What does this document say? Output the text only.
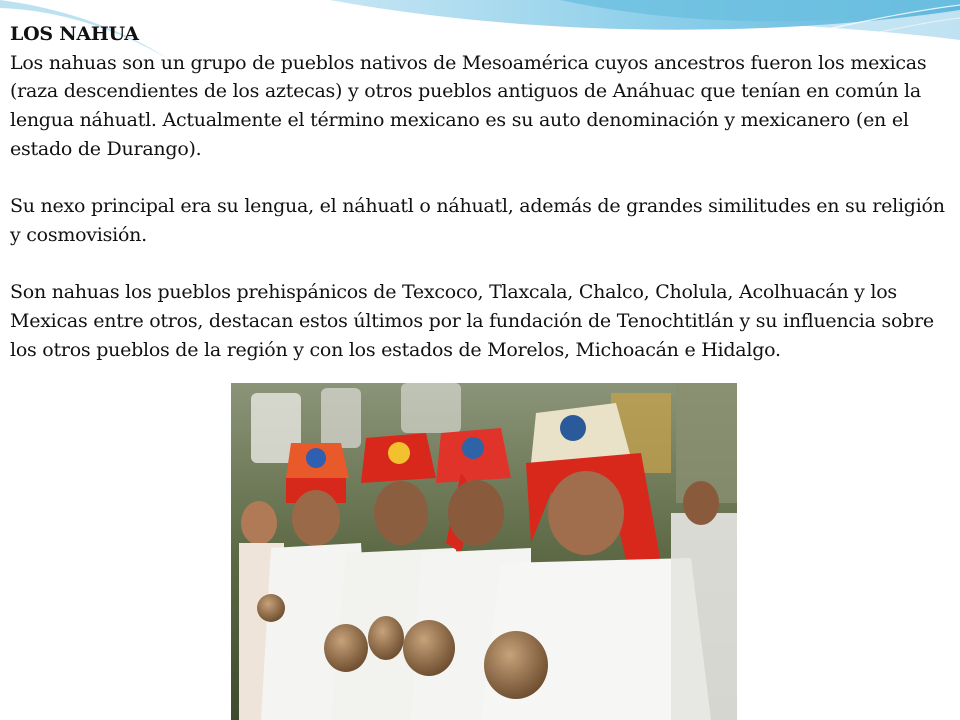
LOS NAHUA

Los nahuas son un grupo de pueblos nativos de Mesoamérica cuyos ancestros fueron los mexicas (raza descendientes de los aztecas) y otros pueblos antiguos de Anáhuac que tenían en común la lengua náhuatl. Actualmente el término mexicano es su auto denominación y mexicanero (en el estado de Durango).

Su nexo principal era su lengua, el náhuatl o náhuatl, además de grandes similitudes en su religión y cosmovisión.

Son nahuas los pueblos prehispánicos de Texcoco, Tlaxcala, Chalco, Cholula, Acolhuacán y los Mexicas entre otros, destacan estos últimos por la fundación de Tenochtitlán y su influencia sobre los otros pueblos de la región y con los estados de Morelos, Michoacán e Hidalgo.
